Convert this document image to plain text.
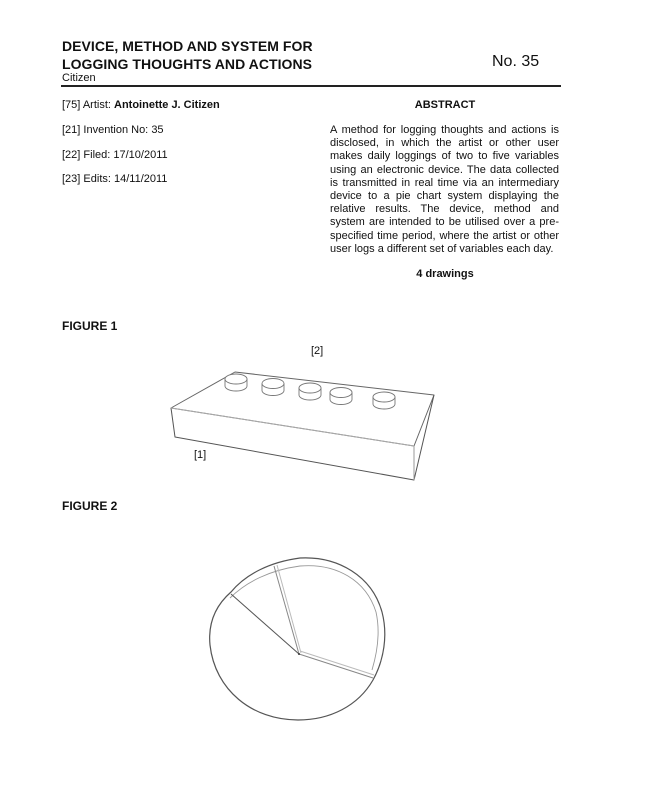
DEVICE, METHOD AND SYSTEM FOR
LOGGING THOUGHTS AND ACTIONS
Citizen
No. 35
[75] Artist: Antoinette J. Citizen
[21] Invention No: 35
[22] Filed: 17/10/2011
[23] Edits: 14/11/2011
ABSTRACT
A method for logging thoughts and actions is disclosed, in which the artist or other user makes daily loggings of two to five variables using an electronic device. The data collected is transmitted in real time via an intermediary device to a pie chart system displaying the relative results. The device, method and system are intended to be utilised over a pre-specified time period, where the artist or other user logs a different set of variables each day.
4 drawings
FIGURE 1
[2]
[1]
FIGURE 2
